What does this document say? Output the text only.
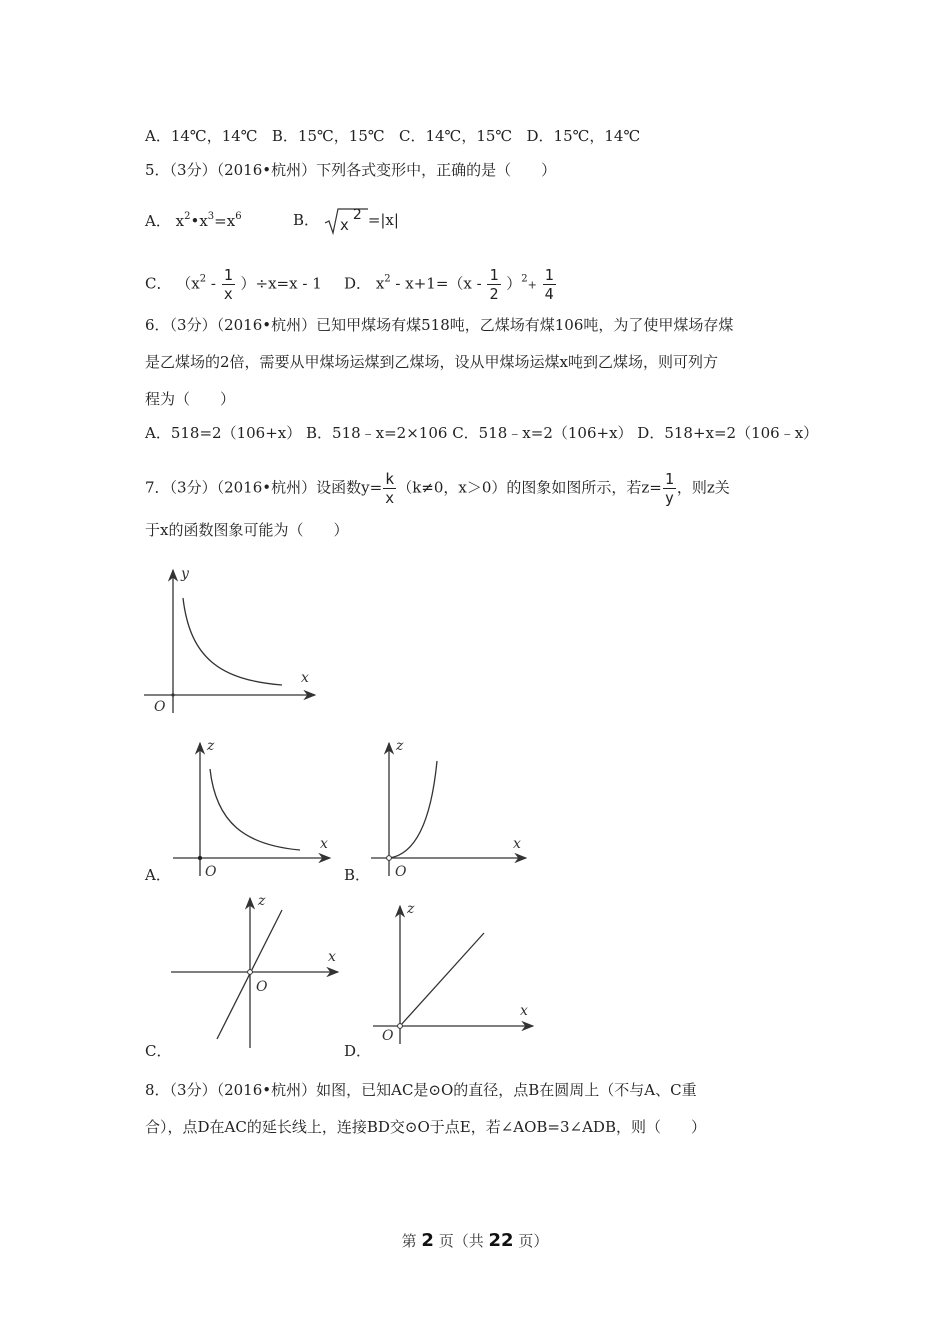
A．14℃，14℃ B．15℃，15℃ C．14℃，15℃ D．15℃，14℃
5．（3分）（2016•杭州）下列各式变形中，正确的是（　　）
A． $x^2•x^3=x^6$	B． x
2 =|x|
C． $(x^2 - \frac{1}{x} )\div x=x - 1$ D． $x^2 - x+1=(x - \frac{1}{2} )^2+ \frac{1}{4}$
6．（3分）（2016•杭州）已知甲煤场有煤518吨，乙煤场有煤106吨，为了使甲煤场存煤
是乙煤场的2倍，需要从甲煤场运煤到乙煤场，设从甲煤场运煤x吨到乙煤场，则可列方
程为（　　）
A．518=2（106+x） B．518﹣x=2×106 C．518﹣x=2（106+x） D．518+x=2（106﹣x）
7．（3分）（2016•杭州）设函数$y= \frac{k}{x} (k\ne 0$，x＞0）的图象如图所示，若$z= \frac{1}{y}$ ，则z关
于x的函数图象可能为（　　）
y
x
O
A．
z
x
O	B．
z
x
O
C．
z
x
O
D．
z
x
O
8．（3分）（2016•杭州）如图，已知AC是⊙O的直径，点B在圆周上（不与A、C重
合），点D在AC的延长线上，连接BD交⊙O于点E，若∠AOB=3∠ADB，则（　　）
第 2 页（共 22 页）
